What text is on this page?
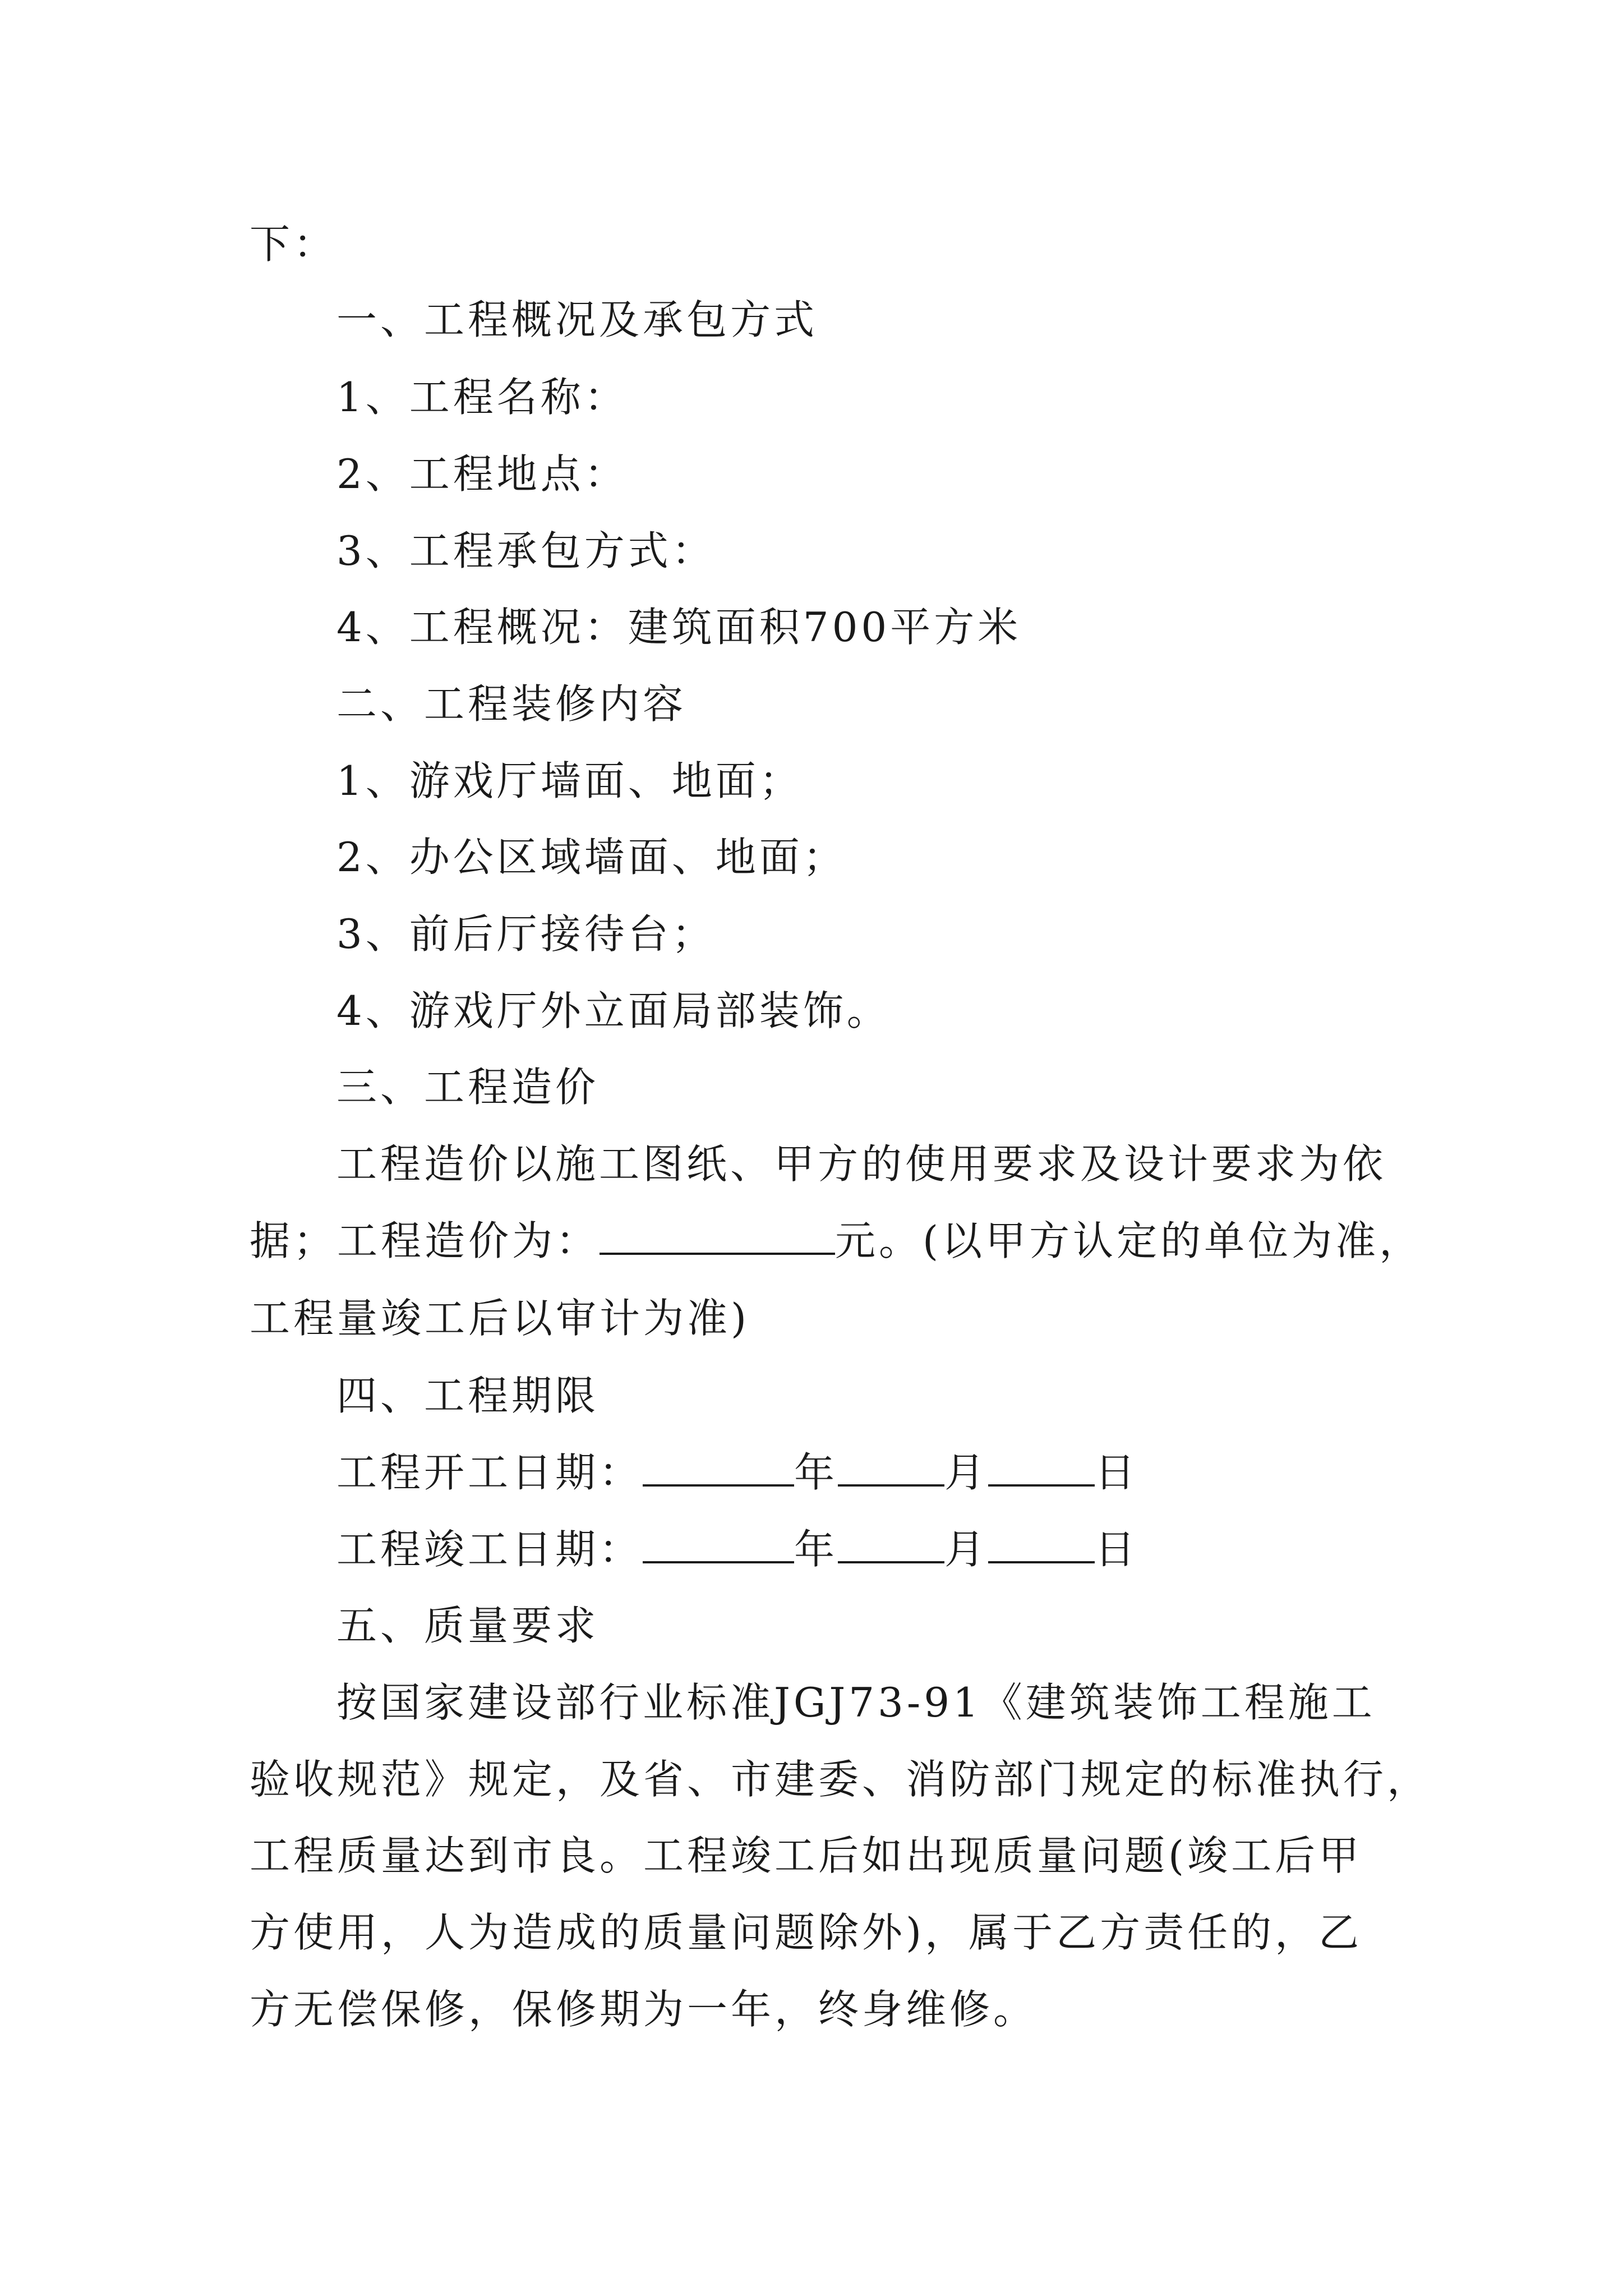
下：
一、工程概况及承包方式
1、工程名称：
2、工程地点：
3、工程承包方式：
4、工程概况：建筑面积700平方米
二、工程装修内容
1、游戏厅墙面、地面；
2、办公区域墙面、地面；
3、前后厅接待台；
4、游戏厅外立面局部装饰。
三、工程造价
工程造价以施工图纸、甲方的使用要求及设计要求为依
据；工程造价为：	元。(以甲方认定的单位为准，
工程量竣工后以审计为准)
四、工程期限
工程开工日期：	年	月	日
工程竣工日期：	年	月	日
五、质量要求
按国家建设部行业标准JGJ73-91《建筑装饰工程施工
验收规范》规定，及省、市建委、消防部门规定的标准执行，
工程质量达到市良。工程竣工后如出现质量问题(竣工后甲
方使用，人为造成的质量问题除外)，属于乙方责任的，乙
方无偿保修，保修期为一年，终身维修。
